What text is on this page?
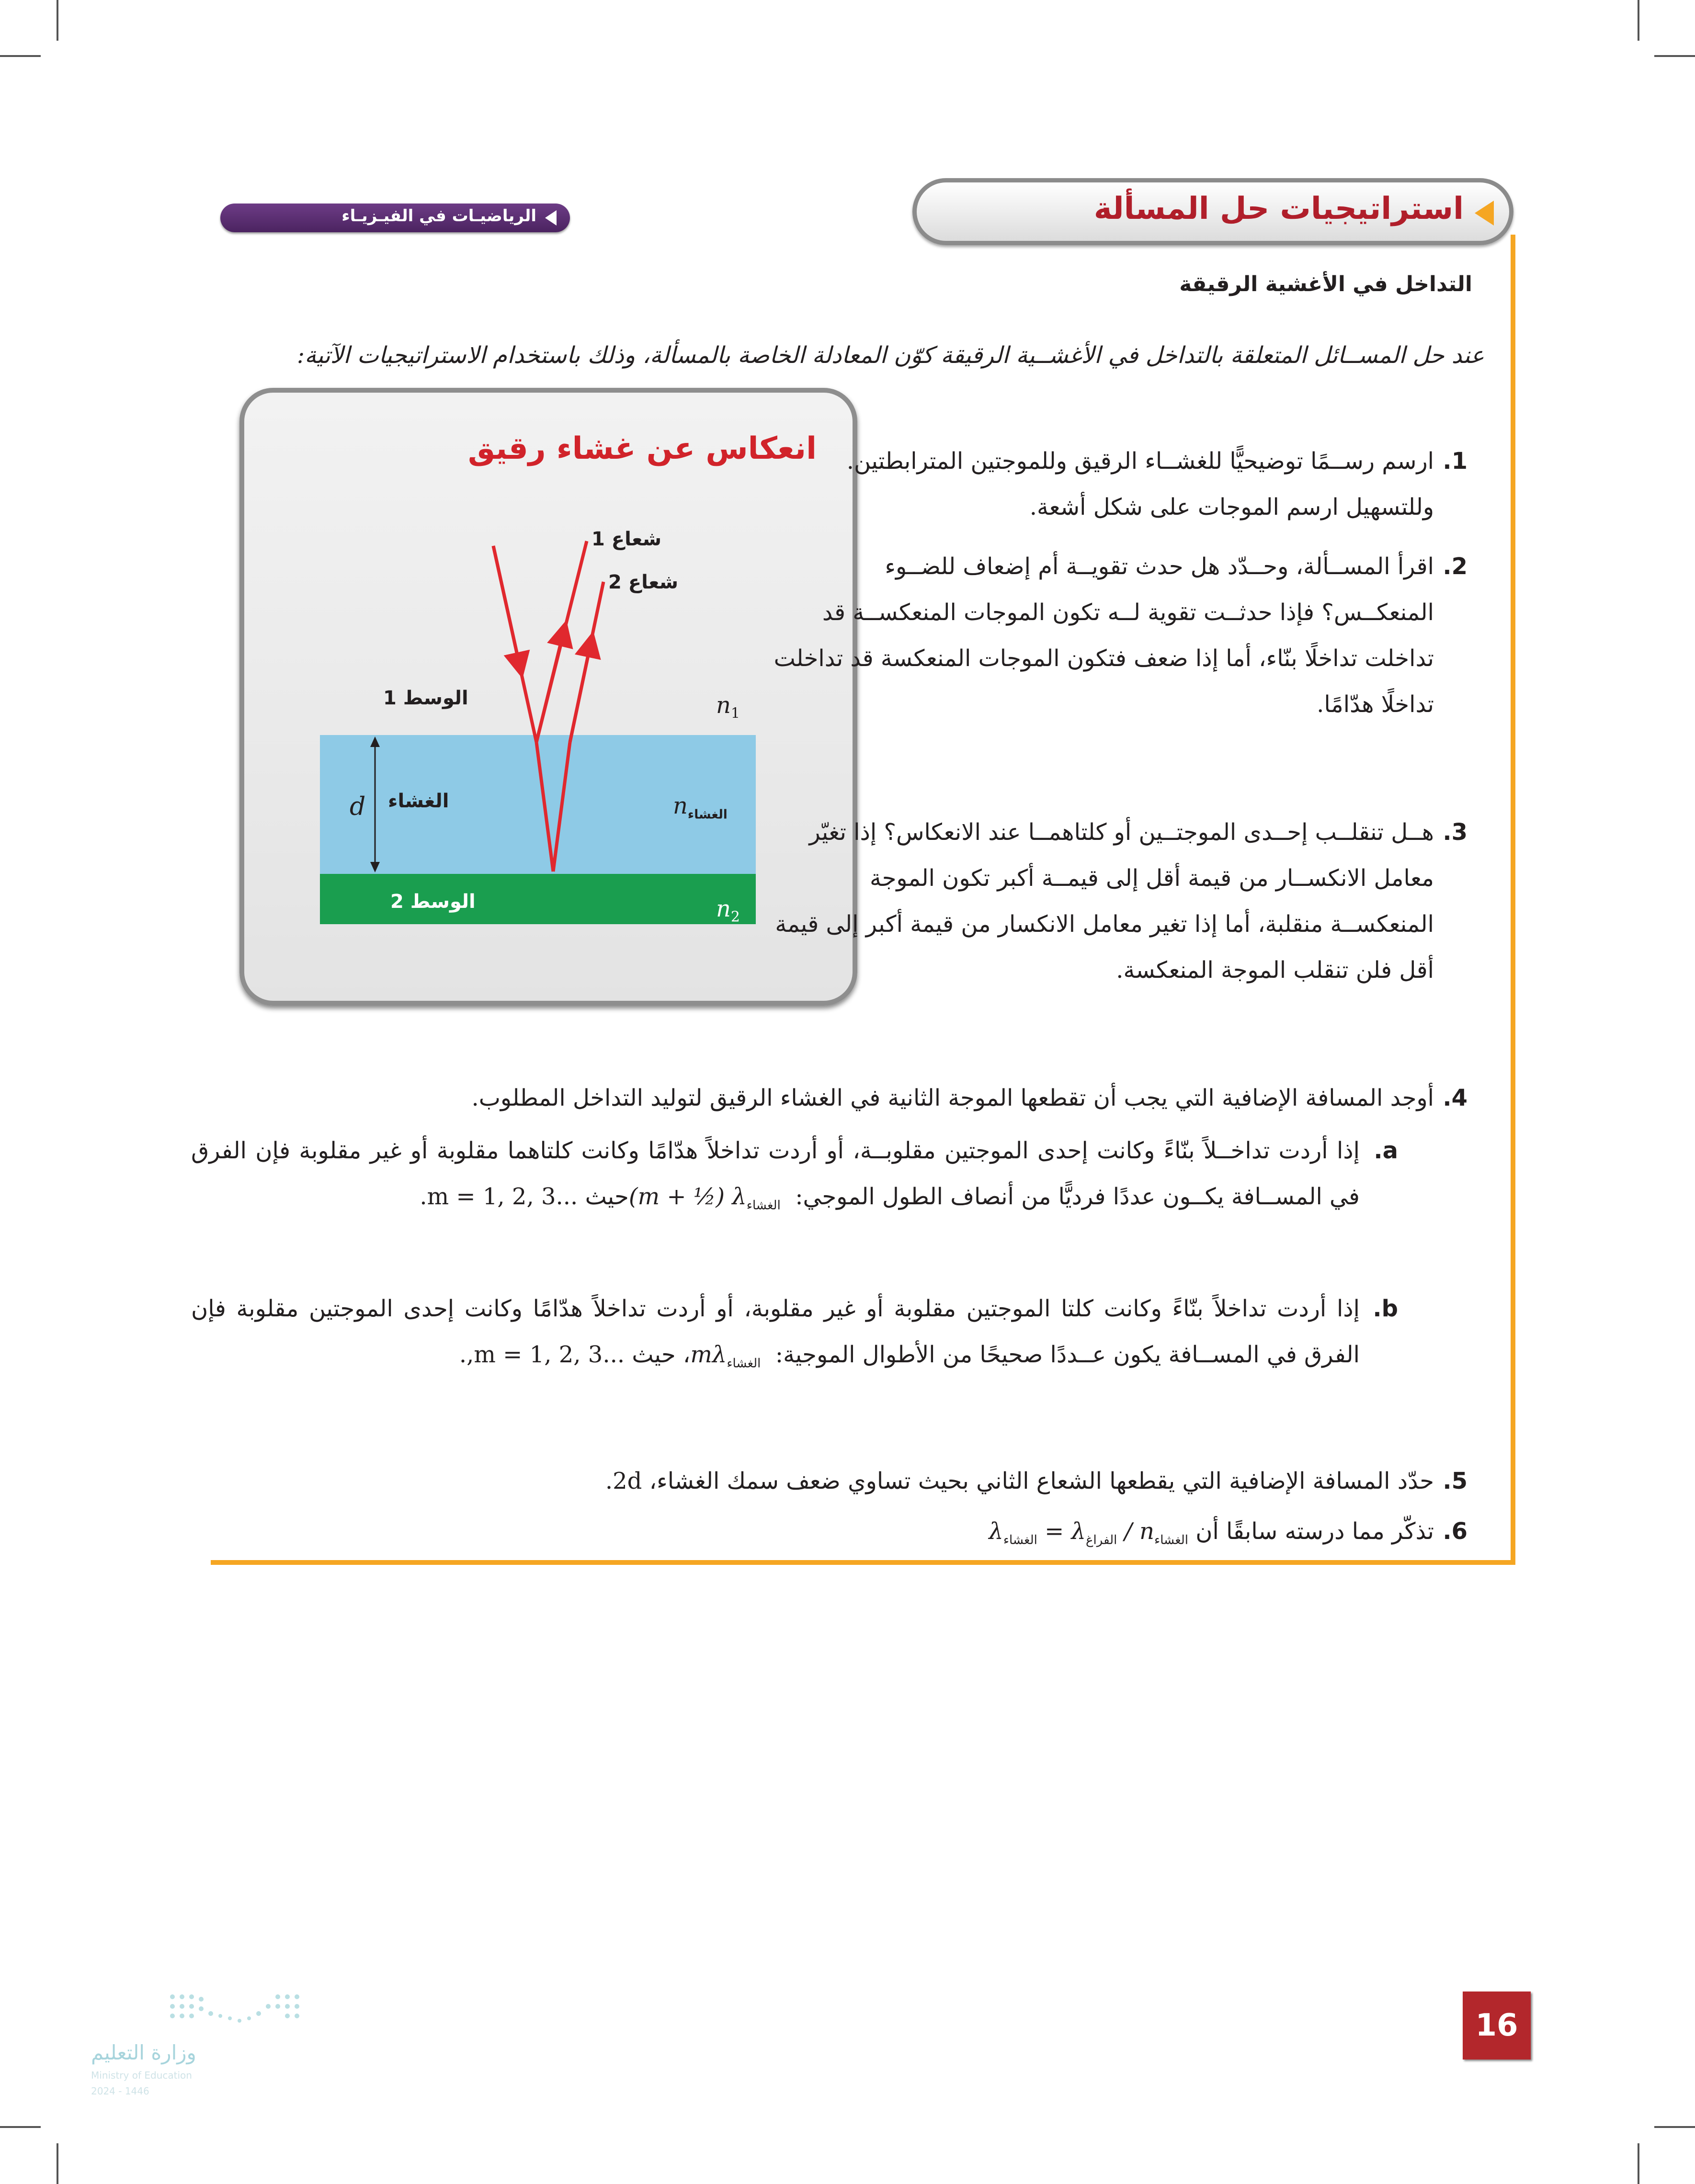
الرياضيـات في الفيـزيـاء	استراتيجيات حل المسألة
التداخل في الأغشية الرقيقة
عند حل المســائل المتعلقة بالتداخل في الأغشــية الرقيقة كوّن المعادلة الخاصة بالمسألة، وذلك باستخدام الاستراتيجيات الآتية:
انعكاس عن غشاء رقيق
شعاع 1
شعاع 2
الوسط 1	$n_1$
d الغشاء	$n_{الغشاء}$
الوسط 2	$n_2$
1.
ارسم رســمًا توضيحيًّا للغشــاء الرقيق وللموجتين المترابطتين. وللتسهيل ارسم الموجات على شكل أشعة.
2.
اقرأ المســألة، وحــدّد هل حدث تقويــة أم إضعاف للضــوء المنعكــس؟ فإذا حدثــت تقوية لــه تكون الموجات المنعكســة قد تداخلت تداخلًا بنّاء، أما إذا ضعف فتكون الموجات المنعكسة قد تداخلت تداخلًا هدّامًا.
3.
هــل تنقلــب إحــدى الموجتــين أو كلتاهمــا عند الانعكاس؟ إذا تغيّر معامل الانكســار من قيمة أقل إلى قيمــة أكبر تكون الموجة المنعكســة منقلبة، أما إذا تغير معامل الانكسار من قيمة أكبر إلى قيمة أقل فلن تنقلب الموجة المنعكسة.
4.
أوجد المسافة الإضافية التي يجب أن تقطعها الموجة الثانية في الغشاء الرقيق لتوليد التداخل المطلوب.
a.
إذا أردت تداخــلاً بنّاءً وكانت إحدى الموجتين مقلوبــة، أو أردت تداخلاً هدّامًا وكانت كلتاهما مقلوبة أو غير مقلوبة فإن الفرق في المســافة يكــون عددًا فرديًّا من أنصاف الطول الموجي: (m + ½) $\lambda_{الغشاء}$ حيث ...m = 1, 2, 3.
b.
إذا أردت تداخلاً بنّاءً وكانت كلتا الموجتين مقلوبة أو غير مقلوبة، أو أردت تداخلاً هدّامًا وكانت إحدى الموجتين مقلوبة فإن الفرق في المســافة يكون عــددًا صحيحًا من الأطوال الموجية: $m\lambda_{الغشاء}$ ، حيث ...m = 1, 2, 3,.
5.
حدّد المسافة الإضافية التي يقطعها الشعاع الثاني بحيث تساوي ضعف سمك الغشاء، 2d.
6.
تذكّر مما درسته سابقًا أن $\lambda_{الغشاء} = \lambda_{الفراغ} / n_{الغشاء}$
16
وزارة التعليم
Ministry of Education
2024 - 1446
